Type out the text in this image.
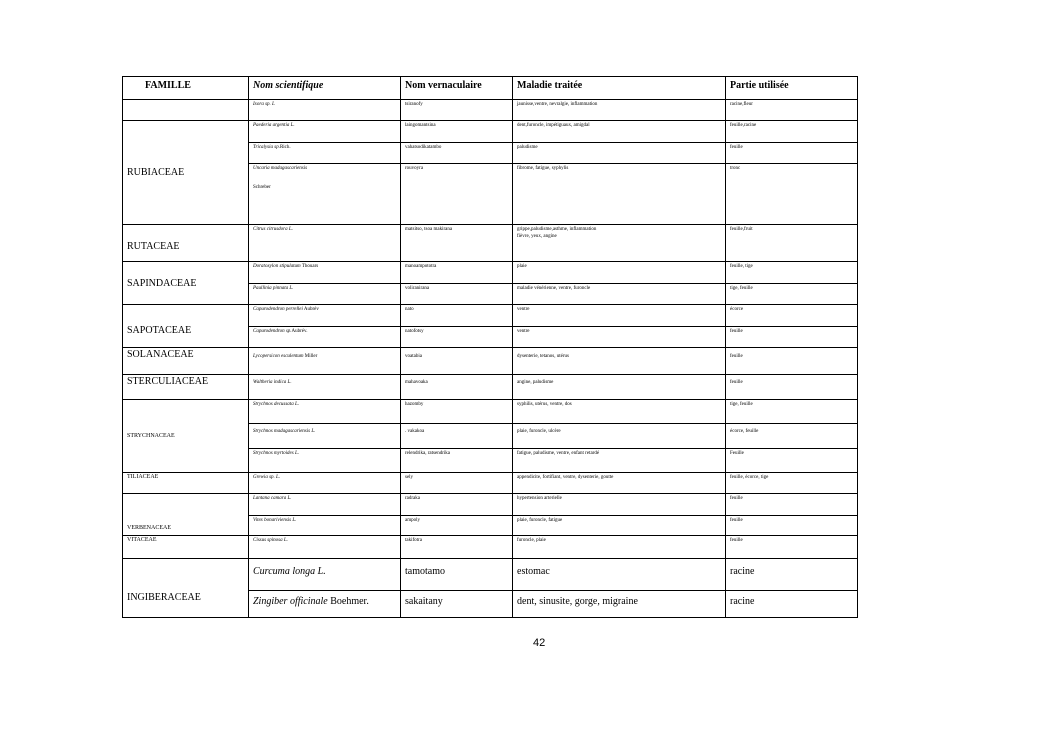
FAMILLE	Nom scientifique	Nom vernaculaire	Maladie traitée	Partie utilisée
	Ixora sp. L	tsiranofy	jaunisse,ventre, nevralgie, inflammation	racine,fleur
RUBIACEAE	Paederia argentia L.	laingomantsina	dent,furoncle, impétiguaux, amigdal	feuille,racine
	Tricalysia sp.Rich.	vahatsodikatambo	paludisme	feuille

	Uncaria madagascariensis
Schreber	rouvoyra	fibrome, fatigue, syphylis	tronc
RUTACEAE	Citrus citrusdora L.	matsitso, tsoa makirana	grippe,paludisme,asthme, inflammation
fièvre, yeux, angine	feuille,fruit
SAPINDACEAE	Doratoxylon stipulatum Thouars	manoampototra	plaie	feuille, tige
	Paullinia pinnata L.	voliranirana	maladie vénérienne, ventre, furoncle	tige, feuille
SAPOTACEAE	Capurodendron perrellei Aubrév	nato	ventre	écorce
	Capurodendron sp.Aubrév.	natofotsy	ventre	feuille
SOLANACEAE	Lycopersicon esculentum Miller	voatabia	dysenterie, tetanos, utérus	feuille
STERCULIACEAE	Waltheria indica L.	mahavoaka	angine, paludisme	feuille
STRYCHNACEAE	Strychnos decussata L.	hazomby	syphilis, utérus, ventre, dos	tige, feuille
	Strychnos madagascariensis L.	. vakakoa	plaie, furoncle, ulcère	écorce, feuille
	Strychnos myrtoides L.	relendrika, ratsendrika	fatigue, paludisme, ventre, enfant retardé	Feuille
TILIACEAE	Grewia sp. L.	sely	appendicite, fortifiant, ventre, dysenterie, goutte	feuille, écorce, tige
VERBENACEAE	Lantana camara L.	radraka	hypertension arterielle	feuille
	Vitex bonariviensis L.	ampoly	plaie, furoncle, fatigue	feuille
VITACEAE	Cissus spinosa L.	takifotra	furoncle, plaie	feuille
INGIBERACEAE	Curcuma longa L.	tamotamo	estomac	racine
	Zingiber officinale Boehmer.	sakaitany	dent, sinusite, gorge, migraine	racine
42
